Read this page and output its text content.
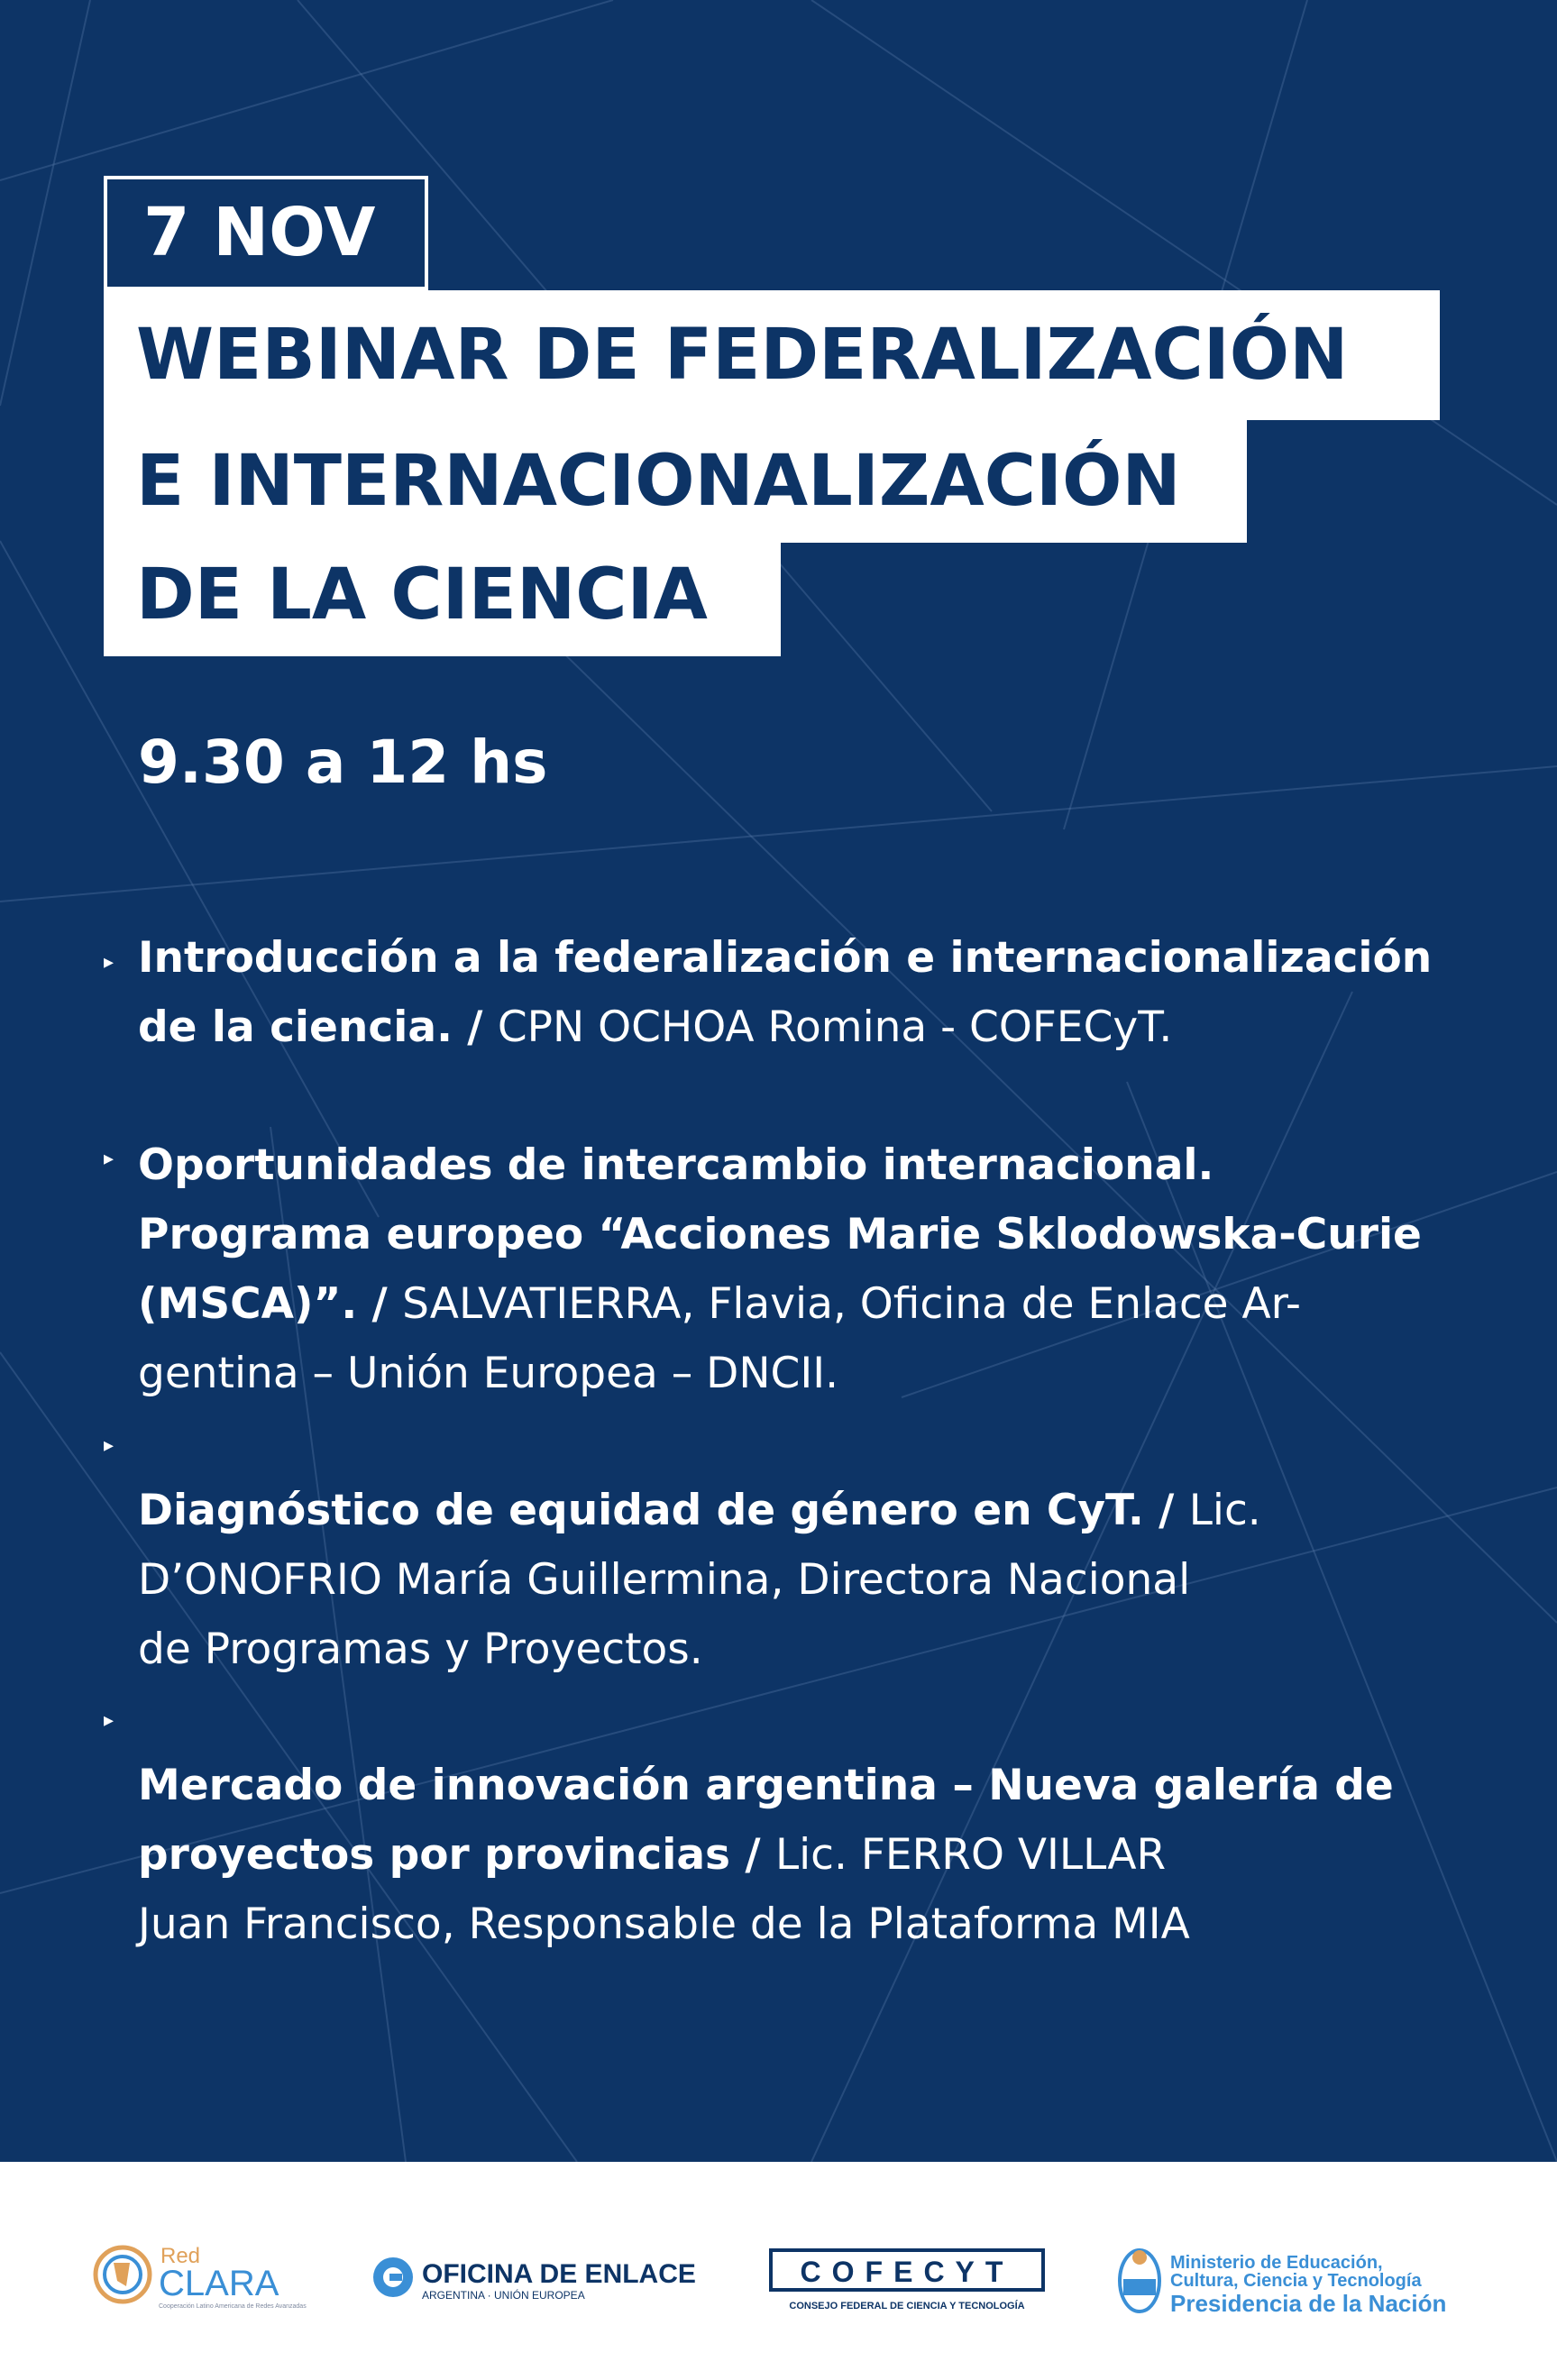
7 NOV
WEBINAR DE FEDERALIZACIÓN
E INTERNACIONALIZACIÓN
DE LA CIENCIA
9.30 a 12 hs
▸ Introducción a la federalización e internacionalización
de la ciencia. / CPN OCHOA Romina - COFECyT.
▸ Oportunidades de intercambio internacional.
Programa europeo “Acciones Marie Sklodowska-Curie
(MSCA)”. / SALVATIERRA, Flavia, Oficina de Enlace Ar-
gentina – Unión Europea – DNCII.
▸
Diagnóstico de equidad de género en CyT. / Lic.
D’ONOFRIO María Guillermina, Directora Nacional
de Programas y Proyectos.
▸
Mercado de innovación argentina – Nueva galería de
proyectos por provincias / Lic. FERRO VILLAR
Juan Francisco, Responsable de la Plataforma MIA
Red
CLARA
Cooperación Latino Americana de Redes Avanzadas
OFICINA DE ENLACE
ARGENTINA · UNIÓN EUROPEA
COFECYT
CONSEJO FEDERAL DE CIENCIA Y TECNOLOGÍA
Ministerio de Educación,
Cultura, Ciencia y Tecnología
Presidencia de la Nación
